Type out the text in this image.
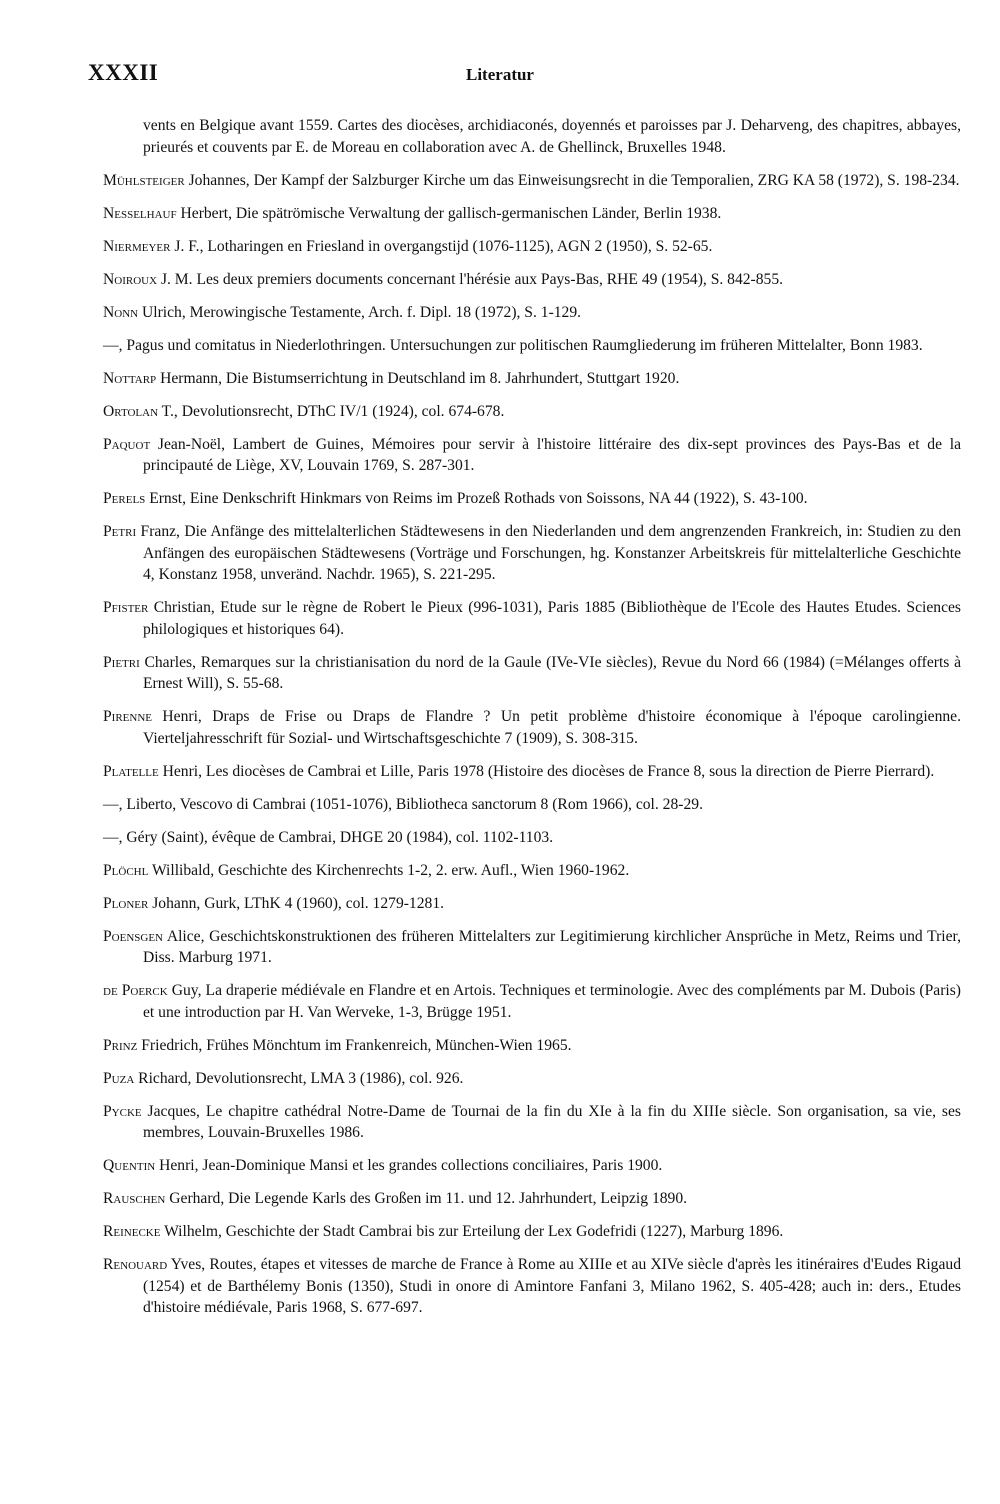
XXXII	Literatur

vents en Belgique avant 1559. Cartes des diocèses, archidiaconés, doyennés et paroisses par J. Deharveng, des chapitres, abbayes, prieurés et couvents par E. de Moreau en collaboration avec A. de Ghellinck, Bruxelles 1948.

Mühlsteiger Johannes, Der Kampf der Salzburger Kirche um das Einweisungsrecht in die Temporalien, ZRG KA 58 (1972), S. 198-234.

Nesselhauf Herbert, Die spätrömische Verwaltung der gallisch-germanischen Länder, Berlin 1938.

Niermeyer J. F., Lotharingen en Friesland in overgangstijd (1076-1125), AGN 2 (1950), S. 52-65.

Noiroux J. M. Les deux premiers documents concernant l'hérésie aux Pays-Bas, RHE 49 (1954), S. 842-855.

Nonn Ulrich, Merowingische Testamente, Arch. f. Dipl. 18 (1972), S. 1-129.

—, Pagus und comitatus in Niederlothringen. Untersuchungen zur politischen Raumgliederung im früheren Mittelalter, Bonn 1983.

Nottarp Hermann, Die Bistumserrichtung in Deutschland im 8. Jahrhundert, Stuttgart 1920.

Ortolan T., Devolutionsrecht, DThC IV/1 (1924), col. 674-678.

Paquot Jean-Noël, Lambert de Guines, Mémoires pour servir à l'histoire littéraire des dix-sept provinces des Pays-Bas et de la principauté de Liège, XV, Louvain 1769, S. 287-301.

Perels Ernst, Eine Denkschrift Hinkmars von Reims im Prozeß Rothads von Soissons, NA 44 (1922), S. 43-100.

Petri Franz, Die Anfänge des mittelalterlichen Städtewesens in den Niederlanden und dem angrenzenden Frankreich, in: Studien zu den Anfängen des europäischen Städtewesens (Vorträge und Forschungen, hg. Konstanzer Arbeitskreis für mittelalterliche Geschichte 4, Konstanz 1958, unveränd. Nachdr. 1965), S. 221-295.

Pfister Christian, Etude sur le règne de Robert le Pieux (996-1031), Paris 1885 (Bibliothèque de l'Ecole des Hautes Etudes. Sciences philologiques et historiques 64).

Pietri Charles, Remarques sur la christianisation du nord de la Gaule (IVe-VIe siècles), Revue du Nord 66 (1984) (=Mélanges offerts à Ernest Will), S. 55-68.

Pirenne Henri, Draps de Frise ou Draps de Flandre ? Un petit problème d'histoire économique à l'époque carolingienne. Vierteljahresschrift für Sozial- und Wirtschaftsgeschichte 7 (1909), S. 308-315.

Platelle Henri, Les diocèses de Cambrai et Lille, Paris 1978 (Histoire des diocèses de France 8, sous la direction de Pierre Pierrard).

—, Liberto, Vescovo di Cambrai (1051-1076), Bibliotheca sanctorum 8 (Rom 1966), col. 28-29.

—, Géry (Saint), évêque de Cambrai, DHGE 20 (1984), col. 1102-1103.

Plöchl Willibald, Geschichte des Kirchenrechts 1-2, 2. erw. Aufl., Wien 1960-1962.

Ploner Johann, Gurk, LThK 4 (1960), col. 1279-1281.

Poensgen Alice, Geschichtskonstruktionen des früheren Mittelalters zur Legitimierung kirchlicher Ansprüche in Metz, Reims und Trier, Diss. Marburg 1971.

de Poerck Guy, La draperie médiévale en Flandre et en Artois. Techniques et terminologie. Avec des compléments par M. Dubois (Paris) et une introduction par H. Van Werveke, 1-3, Brügge 1951.

Prinz Friedrich, Frühes Mönchtum im Frankenreich, München-Wien 1965.

Puza Richard, Devolutionsrecht, LMA 3 (1986), col. 926.

Pycke Jacques, Le chapitre cathédral Notre-Dame de Tournai de la fin du XIe à la fin du XIIIe siècle. Son organisation, sa vie, ses membres, Louvain-Bruxelles 1986.

Quentin Henri, Jean-Dominique Mansi et les grandes collections conciliaires, Paris 1900.

Rauschen Gerhard, Die Legende Karls des Großen im 11. und 12. Jahrhundert, Leipzig 1890.

Reinecke Wilhelm, Geschichte der Stadt Cambrai bis zur Erteilung der Lex Godefridi (1227), Marburg 1896.

Renouard Yves, Routes, étapes et vitesses de marche de France à Rome au XIIIe et au XIVe siècle d'après les itinéraires d'Eudes Rigaud (1254) et de Barthélemy Bonis (1350), Studi in onore di Amintore Fanfani 3, Milano 1962, S. 405-428; auch in: ders., Etudes d'histoire médiévale, Paris 1968, S. 677-697.
